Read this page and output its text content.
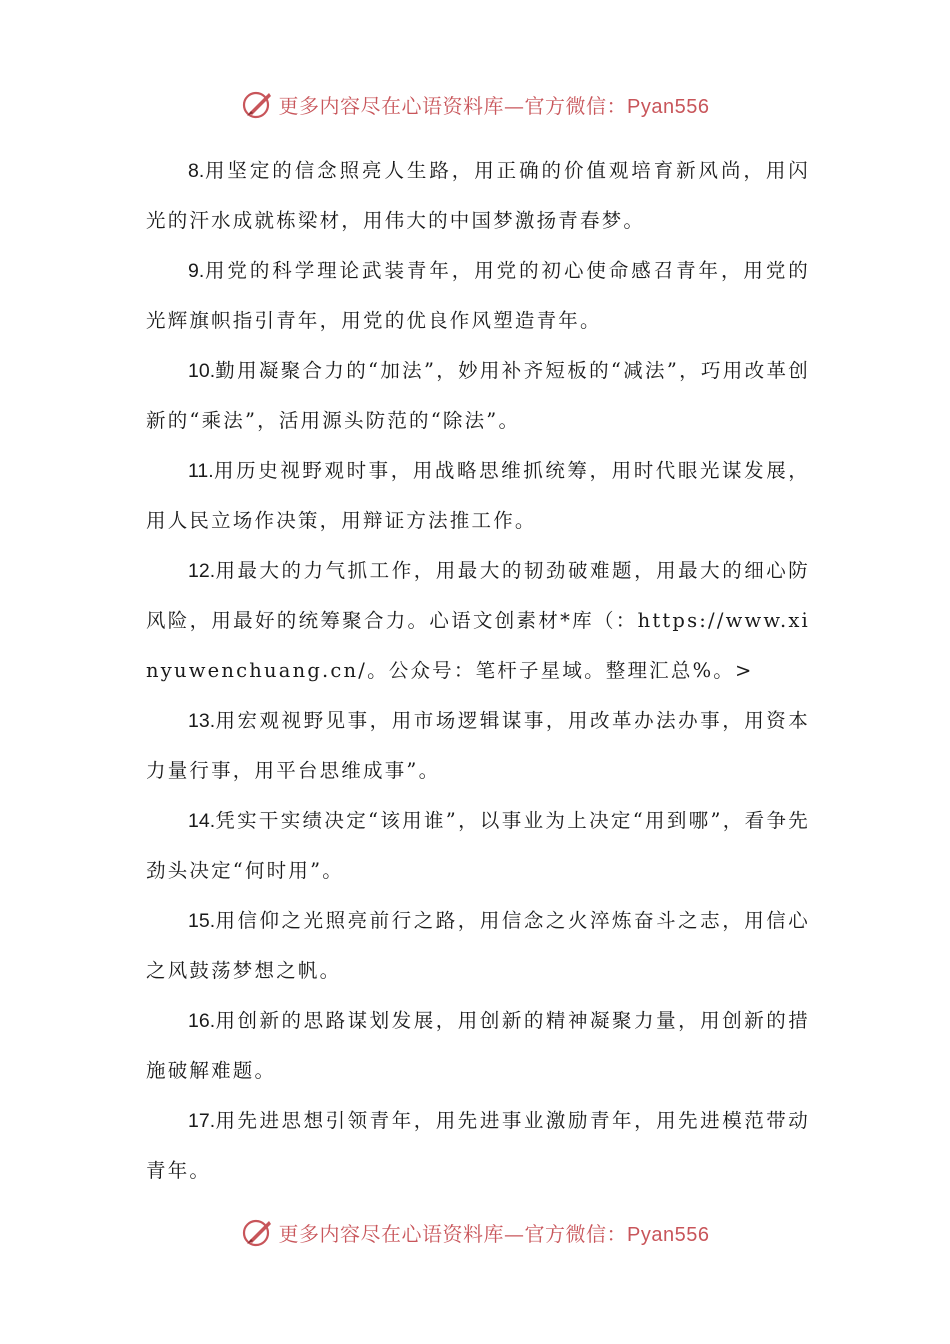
更多内容尽在心语资料库—官方微信：Pyan556

8.用坚定的信念照亮人生路，用正确的价值观培育新风尚，用闪光的汗水成就栋梁材，用伟大的中国梦激扬青春梦。

9.用党的科学理论武装青年，用党的初心使命感召青年，用党的光辉旗帜指引青年，用党的优良作风塑造青年。

10.勤用凝聚合力的“加法”，妙用补齐短板的“减法”，巧用改革创新的“乘法”，活用源头防范的“除法”。

11.用历史视野观时事，用战略思维抓统筹，用时代眼光谋发展，用人民立场作决策，用辩证方法推工作。

12.用最大的力气抓工作，用最大的韧劲破难题，用最大的细心防风险，用最好的统筹聚合力。心语文创素材*库（：https://www.xinyuwenchuang.cn/。公众号：笔杆子星域。整理汇总%。>

13.用宏观视野见事，用市场逻辑谋事，用改革办法办事，用资本力量行事，用平台思维成事”。

14.凭实干实绩决定“该用谁”，以事业为上决定“用到哪”，看争先劲头决定“何时用”。

15.用信仰之光照亮前行之路，用信念之火淬炼奋斗之志，用信心之风鼓荡梦想之帆。

16.用创新的思路谋划发展，用创新的精神凝聚力量，用创新的措施破解难题。

17.用先进思想引领青年，用先进事业激励青年，用先进模范带动青年。

更多内容尽在心语资料库—官方微信：Pyan556
